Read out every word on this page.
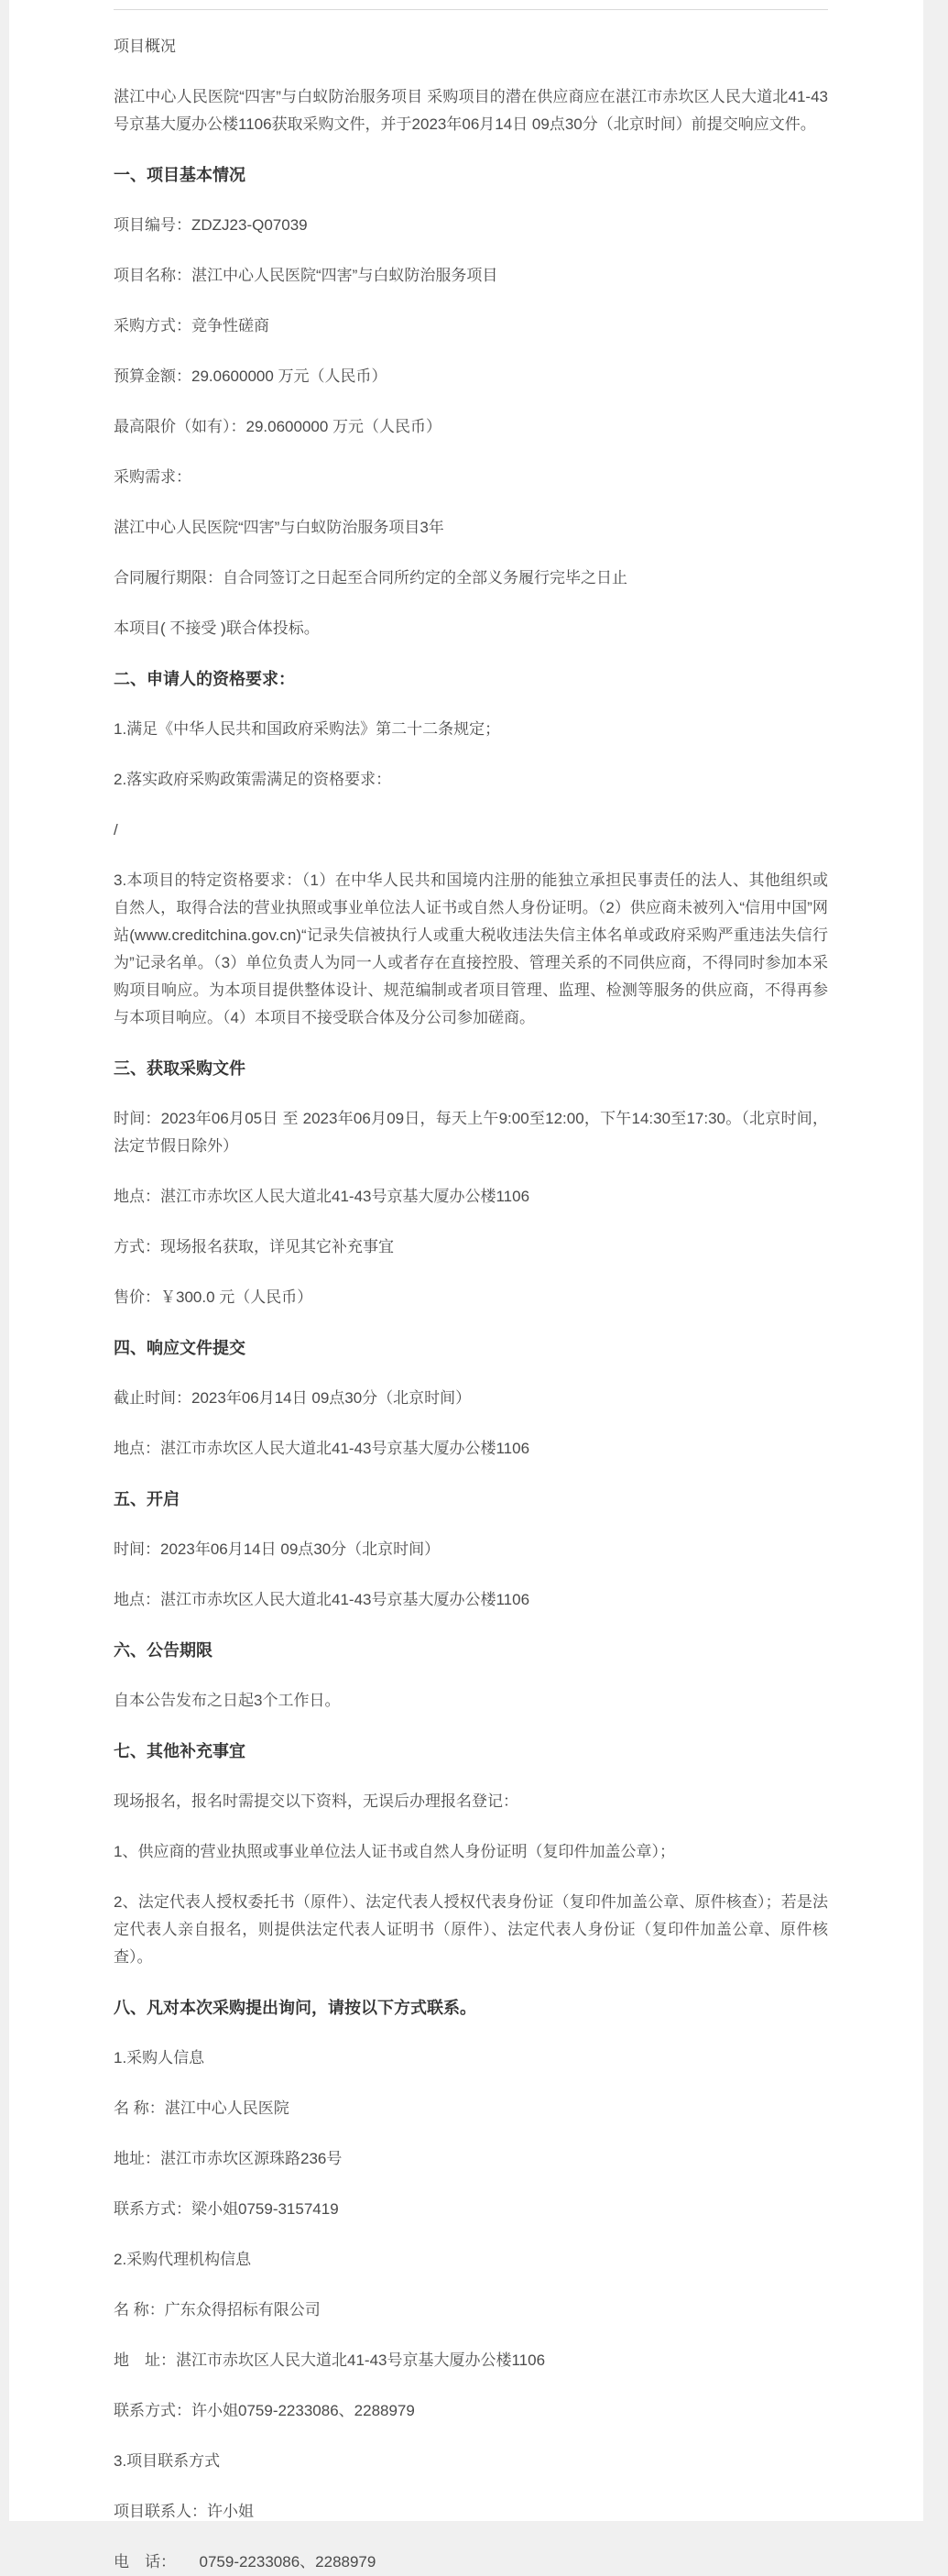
项目概况
湛江中心人民医院“四害”与白蚁防治服务项目 采购项目的潜在供应商应在湛江市赤坎区人民大道北41-43号京基大厦办公楼1106获取采购文件，并于2023年06月14日 09点30分（北京时间）前提交响应文件。
一、项目基本情况
项目编号：ZDZJ23-Q07039
项目名称：湛江中心人民医院“四害”与白蚁防治服务项目
采购方式：竞争性磋商
预算金额：29.0600000 万元（人民币）
最高限价（如有）：29.0600000 万元（人民币）
采购需求：
湛江中心人民医院“四害”与白蚁防治服务项目3年
合同履行期限：自合同签订之日起至合同所约定的全部义务履行完毕之日止
本项目( 不接受 )联合体投标。
二、申请人的资格要求：
1.满足《中华人民共和国政府采购法》第二十二条规定；
2.落实政府采购政策需满足的资格要求：
/
3.本项目的特定资格要求：（1）在中华人民共和国境内注册的能独立承担民事责任的法人、其他组织或自然人，取得合法的营业执照或事业单位法人证书或自然人身份证明。（2）供应商未被列入“信用中国”网站(www.creditchina.gov.cn)“记录失信被执行人或重大税收违法失信主体名单或政府采购严重违法失信行为”记录名单。（3）单位负责人为同一人或者存在直接控股、管理关系的不同供应商，不得同时参加本采购项目响应。为本项目提供整体设计、规范编制或者项目管理、监理、检测等服务的供应商，不得再参与本项目响应。（4）本项目不接受联合体及分公司参加磋商。
三、获取采购文件
时间：2023年06月05日 至 2023年06月09日，每天上午9:00至12:00，下午14:30至17:30。（北京时间，法定节假日除外）
地点：湛江市赤坎区人民大道北41-43号京基大厦办公楼1106
方式：现场报名获取，详见其它补充事宜
售价：￥300.0 元（人民币）
四、响应文件提交
截止时间：2023年06月14日 09点30分（北京时间）
地点：湛江市赤坎区人民大道北41-43号京基大厦办公楼1106
五、开启
时间：2023年06月14日 09点30分（北京时间）
地点：湛江市赤坎区人民大道北41-43号京基大厦办公楼1106
六、公告期限
自本公告发布之日起3个工作日。
七、其他补充事宜
现场报名，报名时需提交以下资料，无误后办理报名登记：
1、供应商的营业执照或事业单位法人证书或自然人身份证明（复印件加盖公章）；
2、法定代表人授权委托书（原件）、法定代表人授权代表身份证（复印件加盖公章、原件核查）；若是法定代表人亲自报名，则提供法定代表人证明书（原件）、法定代表人身份证（复印件加盖公章、原件核查）。
八、凡对本次采购提出询问，请按以下方式联系。
1.采购人信息
名 称：湛江中心人民医院
地址：湛江市赤坎区源珠路236号
联系方式：梁小姐0759-3157419
2.采购代理机构信息
名 称：广东众得招标有限公司
地　址：湛江市赤坎区人民大道北41-43号京基大厦办公楼1106
联系方式：许小姐0759-2233086、2288979
3.项目联系方式
项目联系人：许小姐
电　话：　　0759-2233086、2288979
